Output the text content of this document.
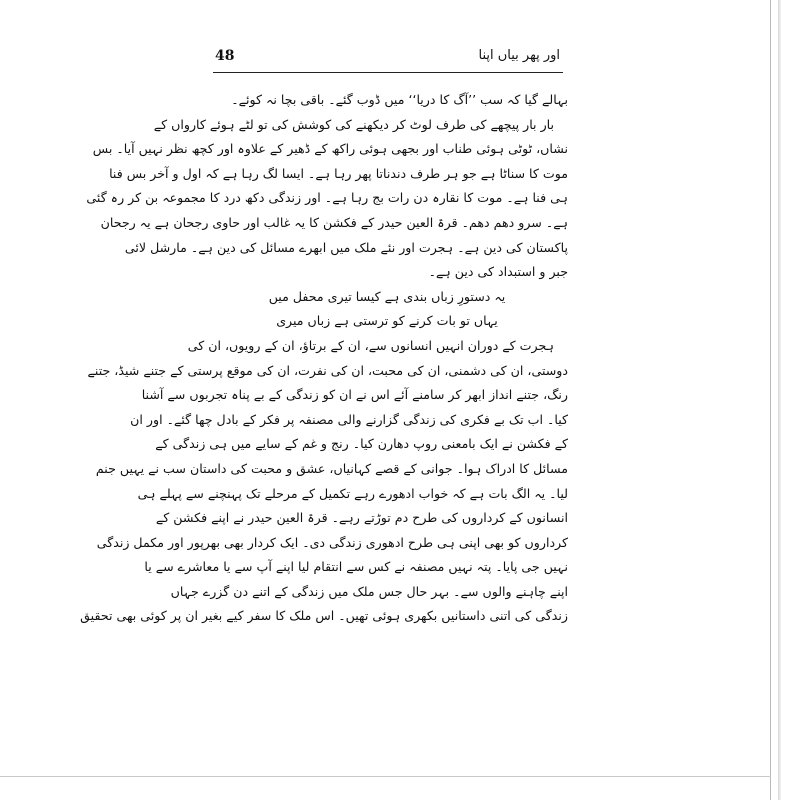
48	اور پھر بیاں اپنا
بہالے گیا کہ سب ’’آگ کا دریا‘‘ میں ڈوب گئے۔ باقی بچا نہ کوئے۔
بار بار پیچھے کی طرف لوٹ کر دیکھنے کی کوشش کی تو لٹے ہوئے کارواں کے
نشاں، ٹوٹی ہوئی طناب اور بجھی ہوئی راکھ کے ڈھیر کے علاوہ اور کچھ نظر نہیں آیا۔ بس
موت کا سناٹا ہے جو ہر طرف دندناتا پھر رہا ہے۔ ایسا لگ رہا ہے کہ اول و آخر بس فنا
ہی فنا ہے۔ موت کا نقارہ دن رات بج رہا ہے۔ اور زندگی دکھ درد کا مجموعہ بن کر رہ گئی
ہے۔ سرو دھم دھم۔ قرۃ العین حیدر کے فکشن کا یہ غالب اور حاوی رجحان ہے یہ رجحان
پاکستان کی دین ہے۔ ہجرت اور نئے ملک میں ابھرے مسائل کی دین ہے۔ مارشل لائی
جبر و استبداد کی دین ہے۔
یہ دستورِ زباں بندی ہے کیسا تیری محفل میں
یہاں تو بات کرنے کو ترستی ہے زباں میری
ہجرت کے دوران انہیں انسانوں سے، ان کے برتاؤ، ان کے رویوں، ان کی
دوستی، ان کی دشمنی، ان کی محبت، ان کی نفرت، ان کی موقع پرستی کے جتنے شیڈ، جتنے
رنگ، جتنے انداز ابھر کر سامنے آئے اس نے ان کو زندگی کے بے پناہ تجربوں سے آشنا
کیا۔ اب تک بے فکری کی زندگی گزارنے والی مصنفہ پر فکر کے بادل چھا گئے۔ اور ان
کے فکشن نے ایک بامعنی روپ دھارن کیا۔ رنج و غم کے سایے میں ہی زندگی کے
مسائل کا ادراک ہوا۔ جوانی کے قصے کہانیاں، عشق و محبت کی داستان سب نے یہیں جنم
لیا۔ یہ الگ بات ہے کہ خواب ادھورے رہے تکمیل کے مرحلے تک پہنچنے سے پہلے ہی
انسانوں کے کرداروں کی طرح دم توڑتے رہے۔ قرۃ العین حیدر نے اپنے فکشن کے
کرداروں کو بھی اپنی ہی طرح ادھوری زندگی دی۔ ایک کردار بھی بھرپور اور مکمل زندگی
نہیں جی پایا۔ پتہ نہیں مصنفہ نے کس سے انتقام لیا اپنے آپ سے یا معاشرے سے یا
اپنے چاہنے والوں سے۔ بہر حال جس ملک میں زندگی کے اتنے دن گزرے جہاں
زندگی کی اتنی داستانیں بکھری ہوئی تھیں۔ اس ملک کا سفر کیے بغیر ان پر کوئی بھی تحقیق
